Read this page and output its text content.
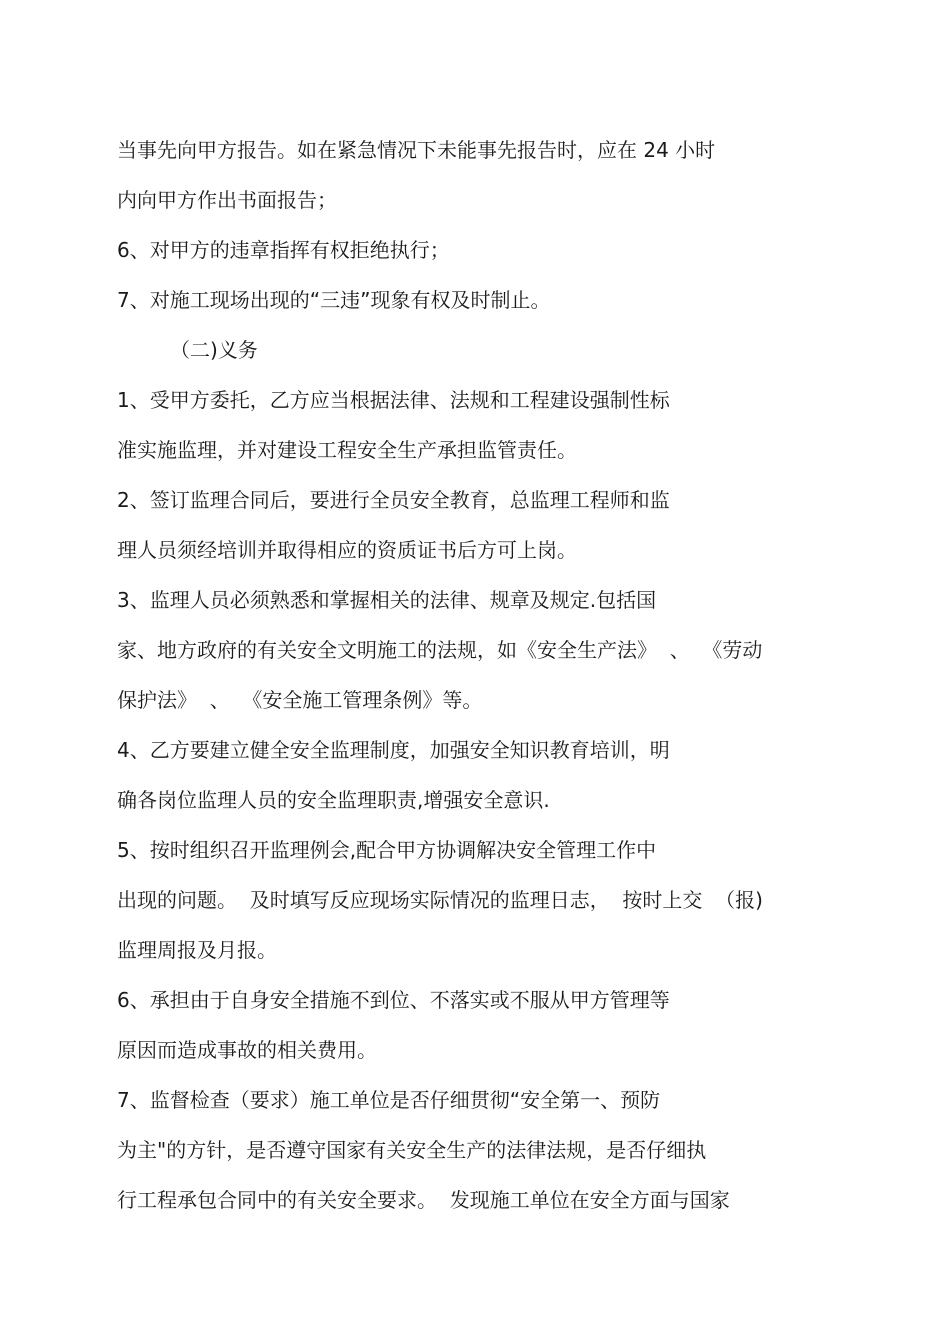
当事先向甲方报告。如在紧急情况下未能事先报告时，应在 24 小时
内向甲方作出书面报告；
6、对甲方的违章指挥有权拒绝执行；
7、对施工现场出现的“三违”现象有权及时制止。
（二)义务
1、受甲方委托，乙方应当根据法律、法规和工程建设强制性标
准实施监理，并对建设工程安全生产承担监管责任。
2、签订监理合同后，要进行全员安全教育，总监理工程师和监
理人员须经培训并取得相应的资质证书后方可上岗。
3、监理人员必须熟悉和掌握相关的法律、规章及规定.包括国
家、地方政府的有关安全文明施工的法规，如《安全生产法》  、  《劳动
保护法》  、  《安全施工管理条例》等。
4、乙方要建立健全安全监理制度，加强安全知识教育培训，明
确各岗位监理人员的安全监理职责,增强安全意识.
5、按时组织召开监理例会,配合甲方协调解决安全管理工作中
出现的问题。  及时填写反应现场实际情况的监理日志，  按时上交  （报)
监理周报及月报。
6、承担由于自身安全措施不到位、不落实或不服从甲方管理等
原因而造成事故的相关费用。
7、监督检查（要求）施工单位是否仔细贯彻“安全第一、预防
为主"的方针，是否遵守国家有关安全生产的法律法规，是否仔细执
行工程承包合同中的有关安全要求。  发现施工单位在安全方面与国家
